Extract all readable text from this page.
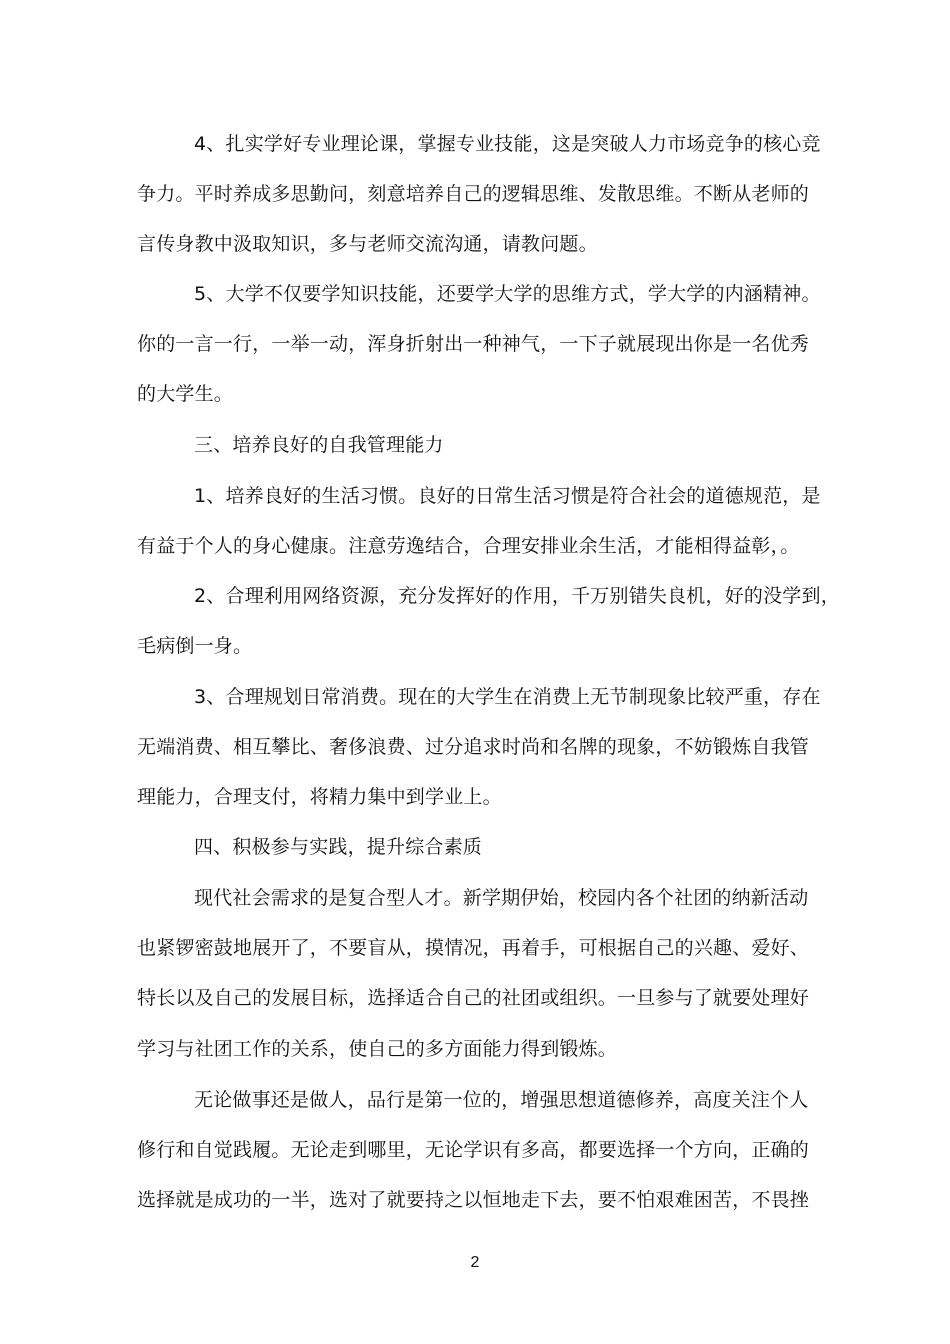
4、扎实学好专业理论课，掌握专业技能，这是突破人力市场竞争的核心竞
争力。平时养成多思勤问，刻意培养自己的逻辑思维、发散思维。不断从老师的
言传身教中汲取知识，多与老师交流沟通，请教问题。
5、大学不仅要学知识技能，还要学大学的思维方式，学大学的内涵精神。
你的一言一行，一举一动，浑身折射出一种神气，一下子就展现出你是一名优秀
的大学生。
三、培养良好的自我管理能力
1、培养良好的生活习惯。良好的日常生活习惯是符合社会的道德规范，是
有益于个人的身心健康。注意劳逸结合，合理安排业余生活，才能相得益彰，。
2、合理利用网络资源，充分发挥好的作用，千万别错失良机，好的没学到，
毛病倒一身。
3、合理规划日常消费。现在的大学生在消费上无节制现象比较严重，存在
无端消费、相互攀比、奢侈浪费、过分追求时尚和名牌的现象，不妨锻炼自我管
理能力，合理支付，将精力集中到学业上。
四、积极参与实践，提升综合素质
现代社会需求的是复合型人才。新学期伊始，校园内各个社团的纳新活动
也紧锣密鼓地展开了，不要盲从，摸情况，再着手，可根据自己的兴趣、爱好、
特长以及自己的发展目标，选择适合自己的社团或组织。一旦参与了就要处理好
学习与社团工作的关系，使自己的多方面能力得到锻炼。
无论做事还是做人，品行是第一位的，增强思想道德修养，高度关注个人
修行和自觉践履。无论走到哪里，无论学识有多高，都要选择一个方向，正确的
选择就是成功的一半，选对了就要持之以恒地走下去，要不怕艰难困苦，不畏挫
2
